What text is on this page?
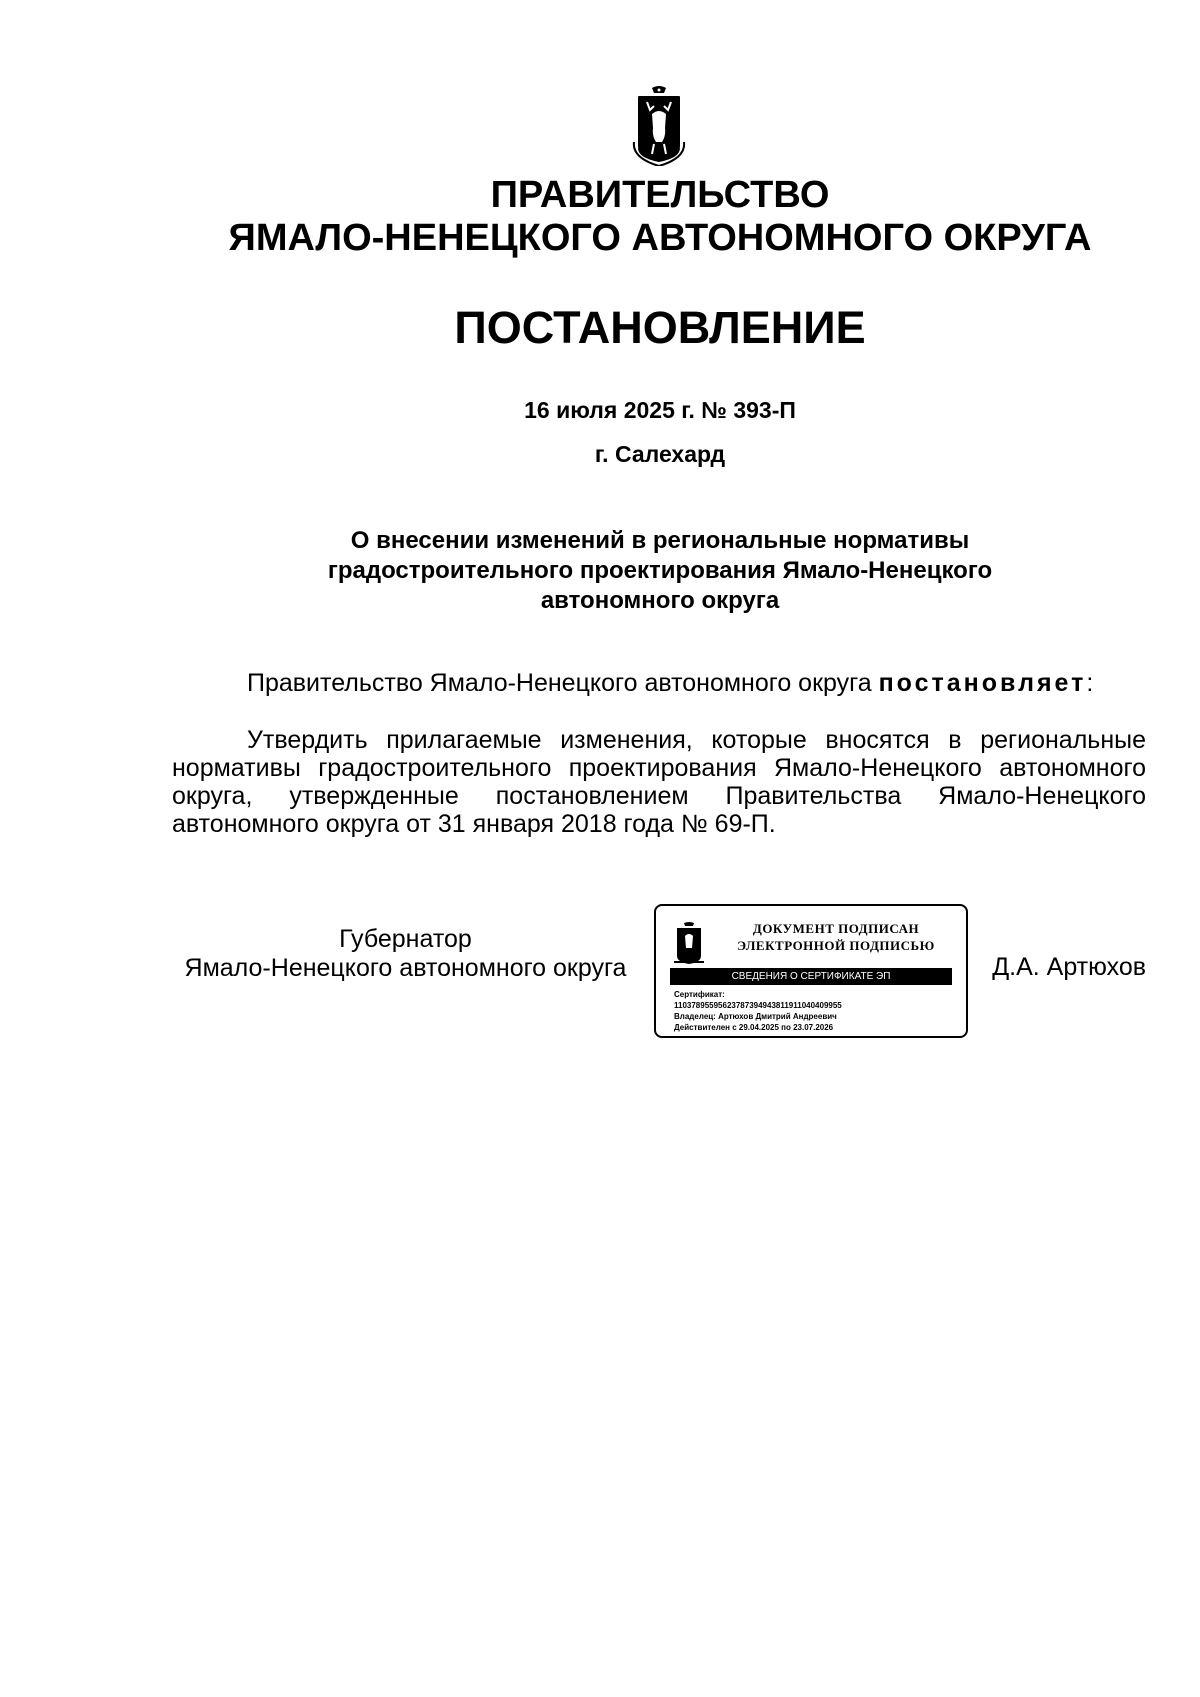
ПРАВИТЕЛЬСТВО
ЯМАЛО-НЕНЕЦКОГО АВТОНОМНОГО ОКРУГА
ПОСТАНОВЛЕНИЕ
16 июля 2025 г. № 393-П
г. Салехард
О внесении изменений в региональные нормативы
градостроительного проектирования Ямало-Ненецкого
автономного округа

Правительство Ямало-Ненецкого автономного округа постановляет:

Утвердить прилагаемые изменения, которые вносятся в региональные нормативы градостроительного проектирования Ямало-Ненецкого автономного округа, утвержденные постановлением Правительства Ямало-Ненецкого автономного округа от 31 января 2018 года № 69-П.

Губернатор
Ямало-Ненецкого автономного округа
ДОКУМЕНТ ПОДПИСАН
ЭЛЕКТРОННОЙ ПОДПИСЬЮ
СВЕДЕНИЯ О СЕРТИФИКАТЕ ЭП
Сертификат:
11037895595623787394943811911040409955
Владелец: Артюхов Дмитрий Андреевич
Действителен с 29.04.2025 по 23.07.2026
Д.А. Артюхов
